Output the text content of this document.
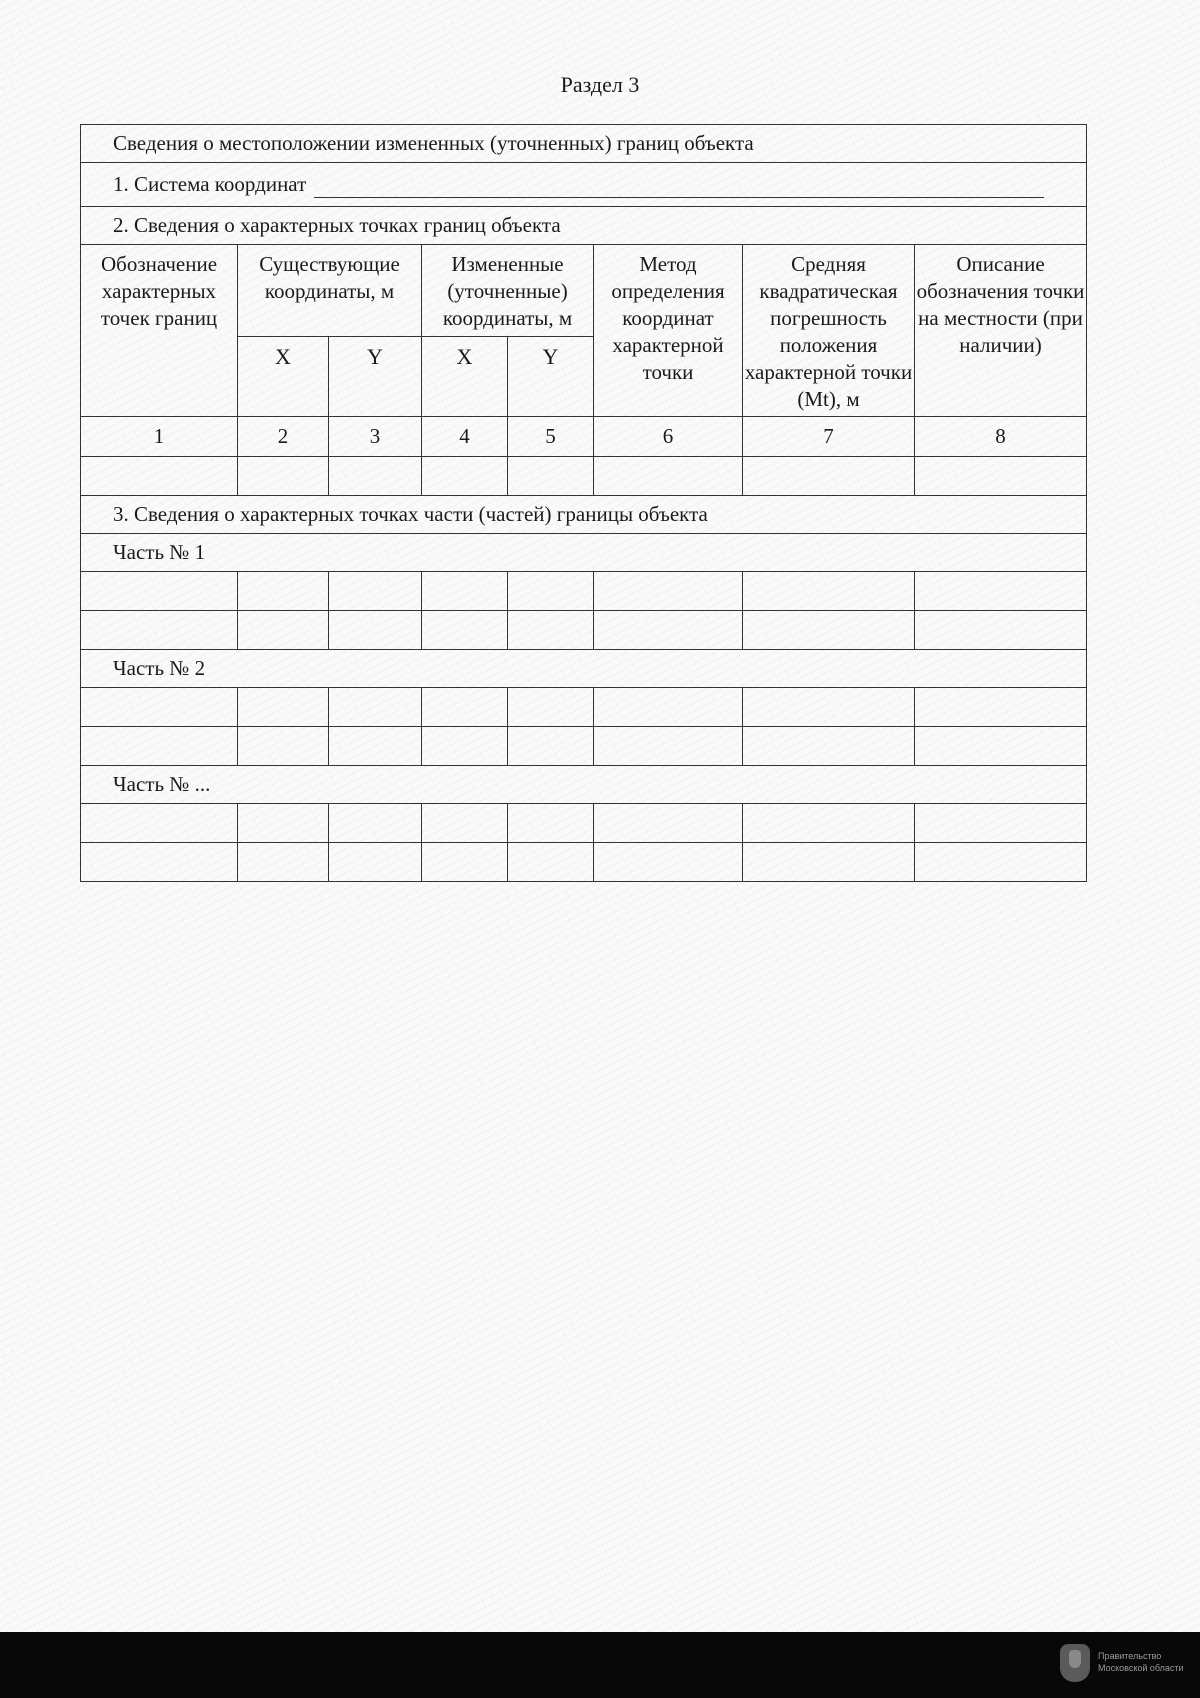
Раздел 3
Сведения о местоположении измененных (уточненных) границ объекта							
1. Система координат							
2. Сведения о характерных точках границ объекта							
Обозначение характерных точек границ	Существующие координаты, м		Измененные (уточненные) координаты, м		Метод определения координат характерной точки	Средняя квадратическая погрешность положения характерной точки (Mt), м	Описание обозначения точки на местности (при наличии)
	X	Y	X	Y			
1	2	3	4	5	6	7	8

3. Сведения о характерных точках части (частей) границы объекта							
Часть № 1							

Часть № 2							

Часть № ...							

Правительство
Московской области
